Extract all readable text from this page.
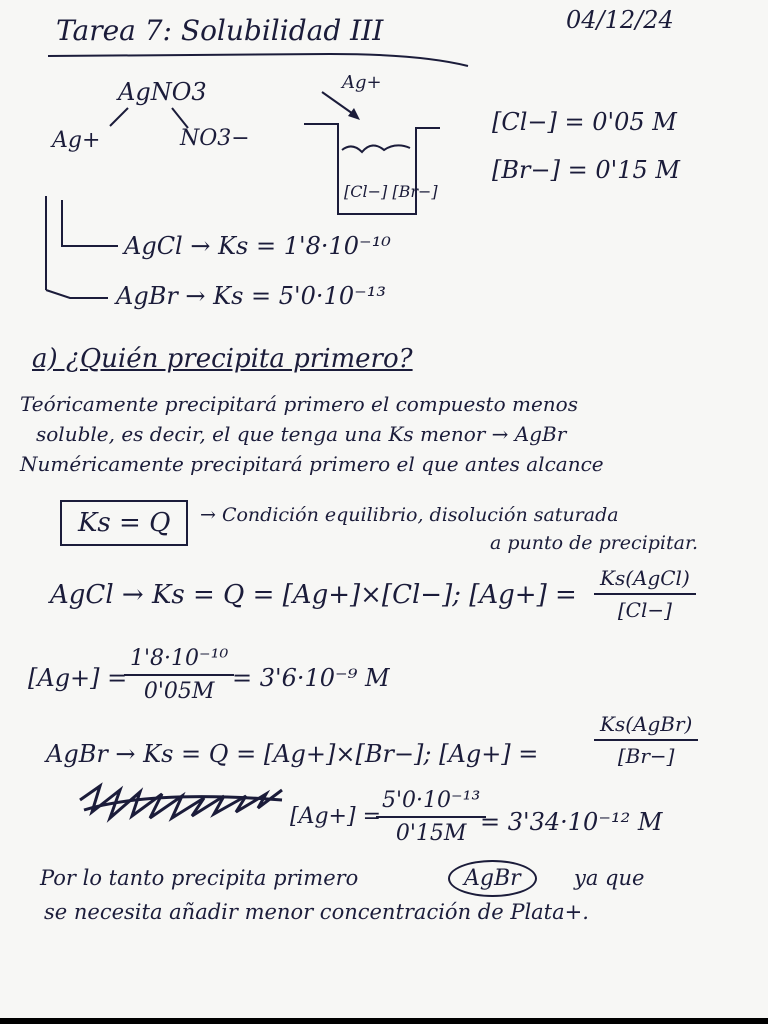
Tarea 7: Solubilidad III	04/12/24
AgNO3
Ag+	NO3−
Ag+
[Cl−] [Br−]
[Cl−] = 0'05 M
[Br−] = 0'15 M
AgCl → Ks = 1'8·10⁻¹⁰
AgBr → Ks = 5'0·10⁻¹³
a) ¿Quién precipita primero?
Teóricamente precipitará primero el compuesto menos
soluble, es decir, el que tenga una Ks menor → AgBr
Numéricamente precipitará primero el que antes alcance
Ks = Q	→ Condición equilibrio, disolución saturada
a punto de precipitar.
AgCl → Ks = Q = [Ag+]×[Cl−]; [Ag+] =
Ks(AgCl)
[Cl−]
[Ag+] =
1'8·10⁻¹⁰
0'05M = 3'6·10⁻⁹ M
AgBr → Ks = Q = [Ag+]×[Br−]; [Ag+] =
Ks(AgBr)
[Br−]
[Ag+] =
5'0·10⁻¹³
0'15M = 3'34·10⁻¹² M
Por lo tanto precipita primero	AgBr	ya que
se necesita añadir menor concentración de Plata+.
